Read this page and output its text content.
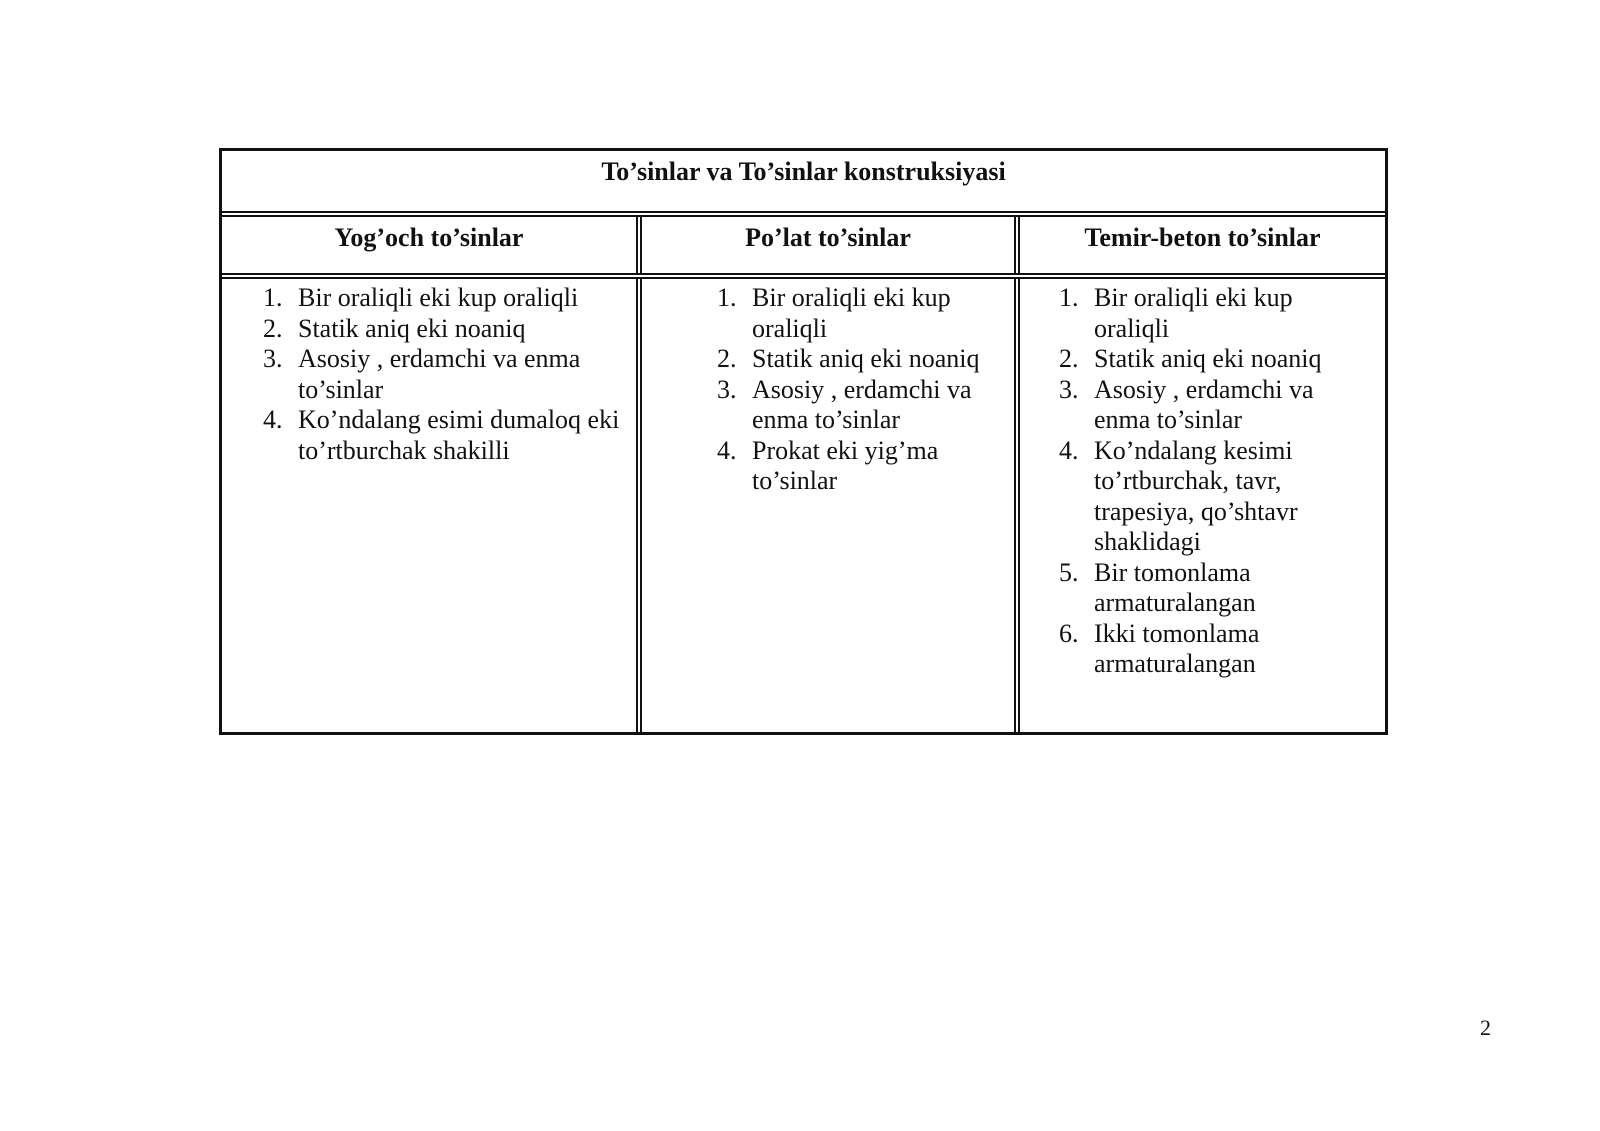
To’sinlar va To’sinlar konstruksiyasi
Yog’och to’sinlar	Po’lat to’sinlar	Temir-beton to’sinlar
1. Bir oraliqli eki kup oraliqli
2. Statik aniq eki noaniq
3. Asosiy , erdamchi va enma to’sinlar
4. Ko’ndalang esimi dumaloq eki to’rtburchak shakilli
1. Bir oraliqli eki kup oraliqli
2. Statik aniq eki noaniq
3. Asosiy , erdamchi va enma to’sinlar
4. Prokat eki yig’ma to’sinlar
1. Bir oraliqli eki kup oraliqli
2. Statik aniq eki noaniq
3. Asosiy , erdamchi va enma to’sinlar
4. Ko’ndalang kesimi to’rtburchak, tavr, trapesiya, qo’shtavr shaklidagi
5. Bir tomonlama armaturalangan
6. Ikki tomonlama armaturalangan
2
